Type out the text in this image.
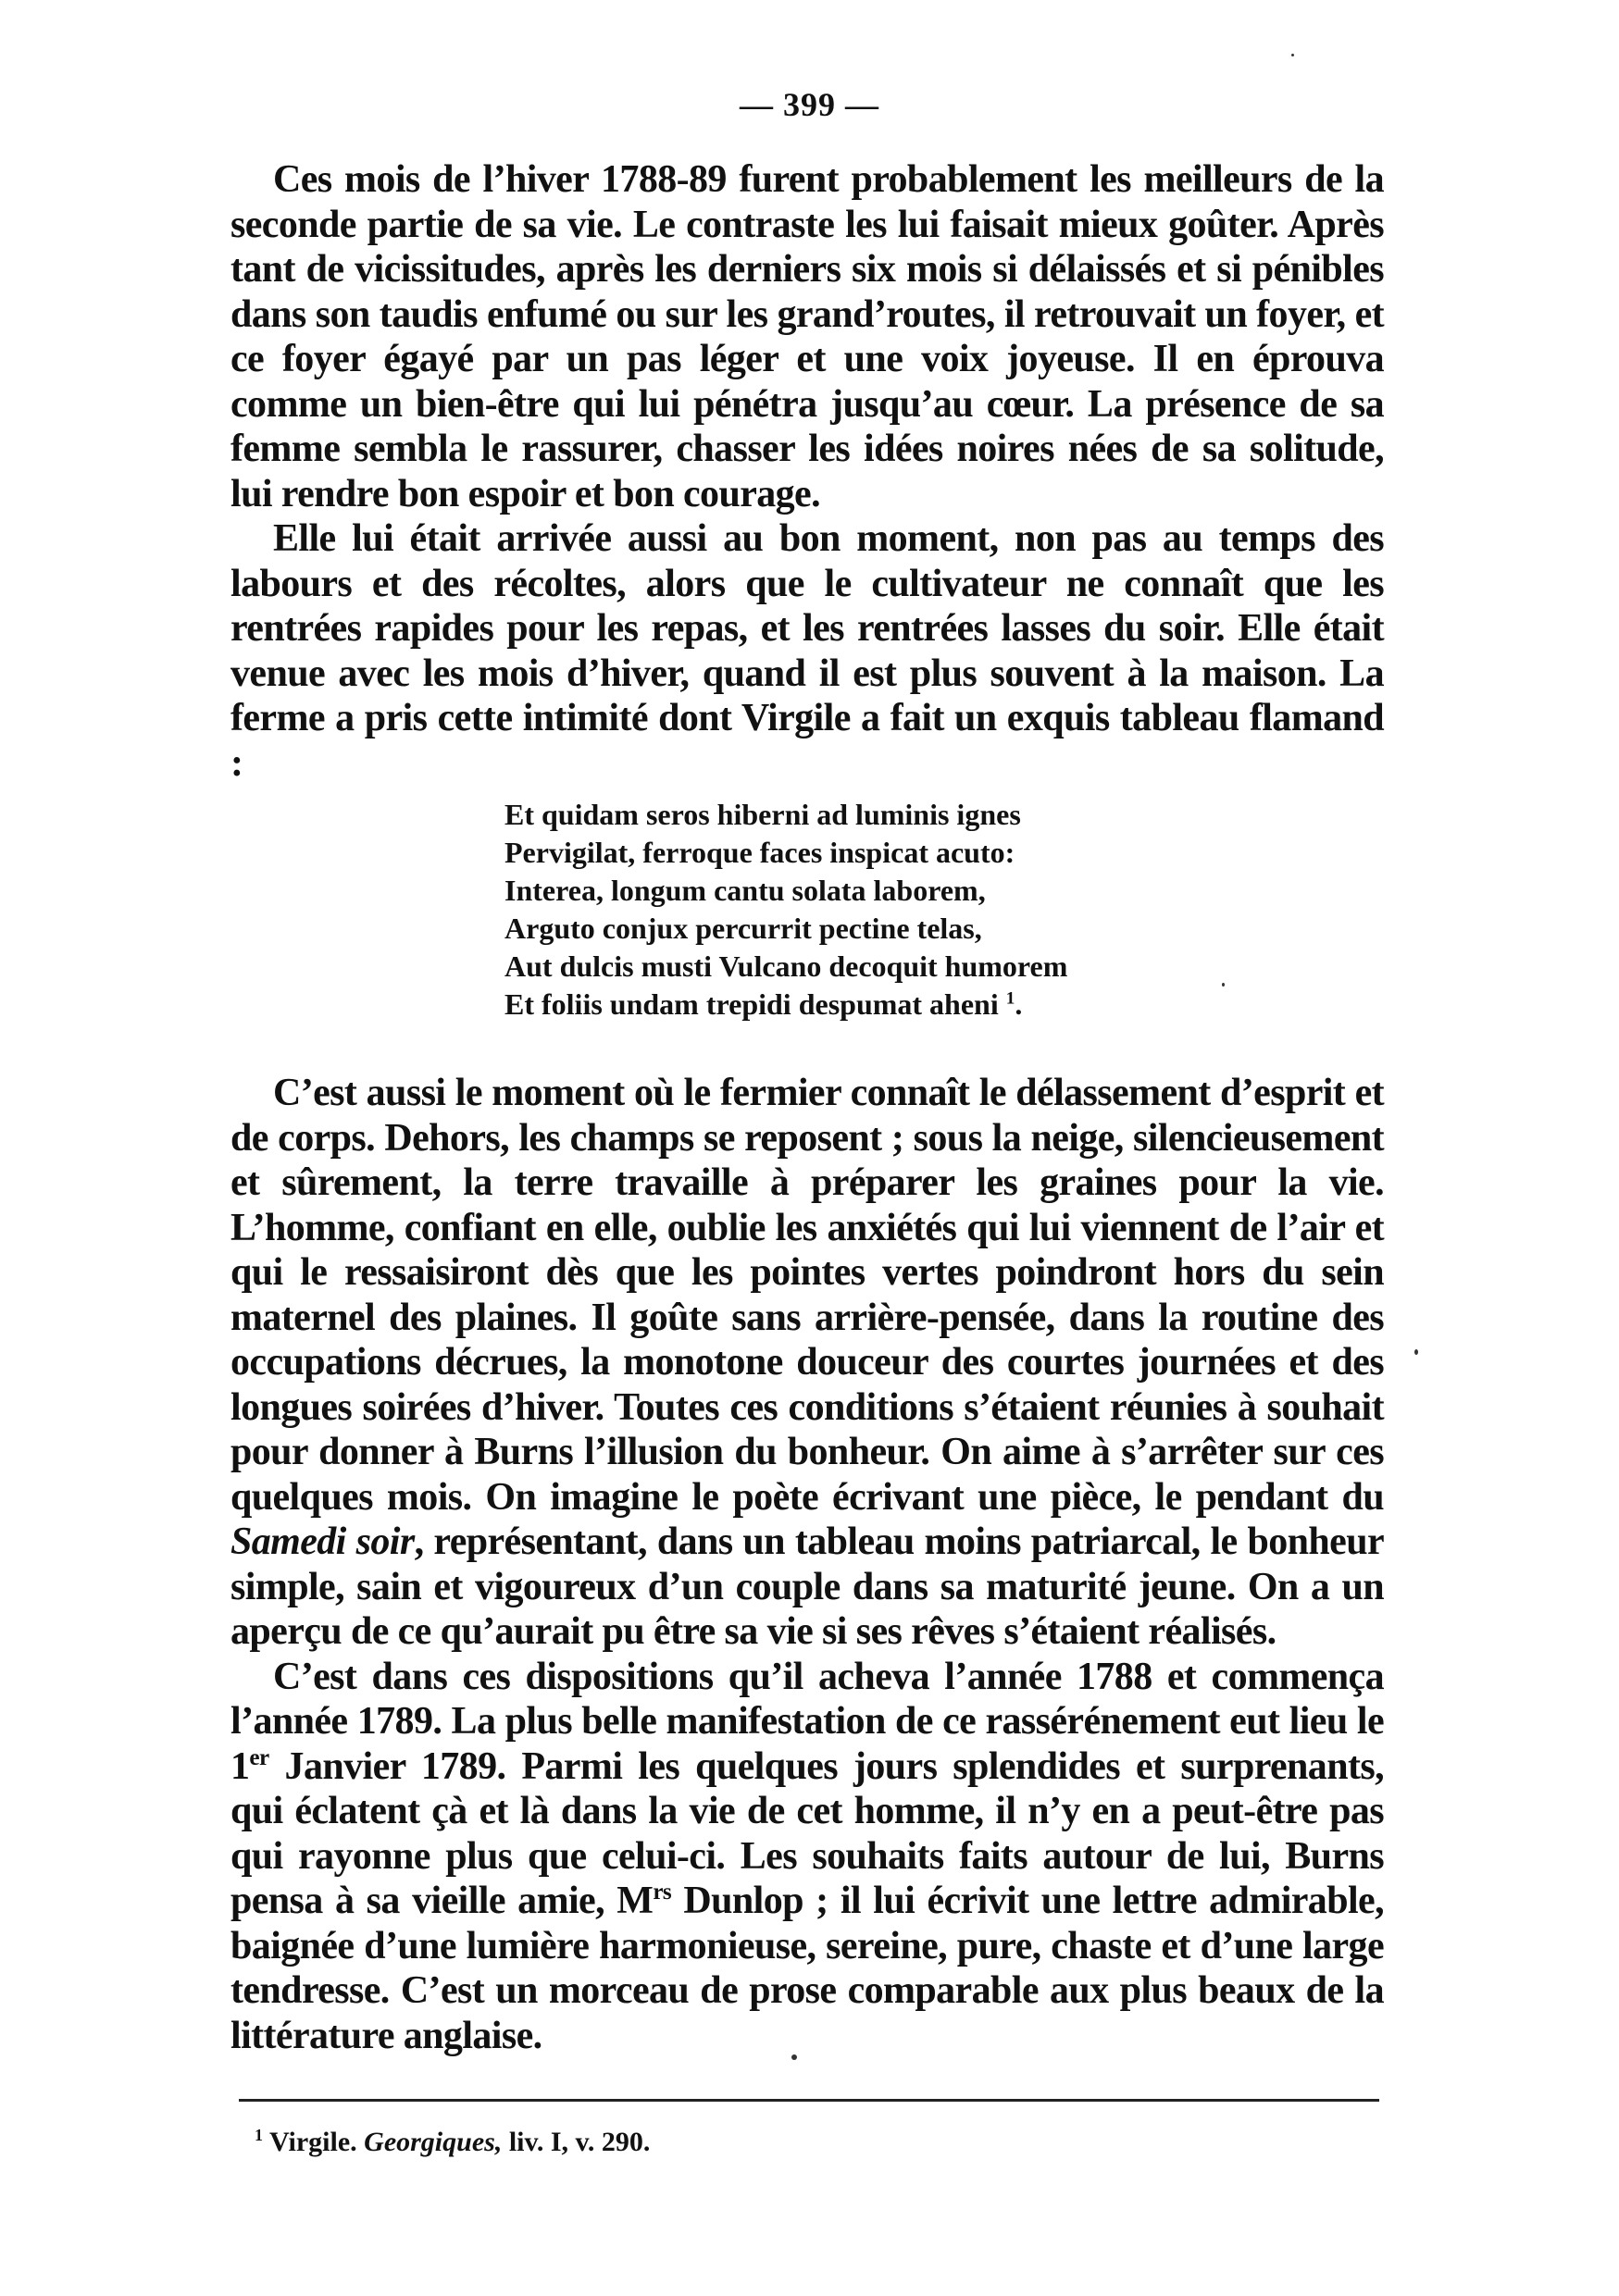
— 399 —

Ces mois de l’hiver 1788-89 furent probablement les meilleurs de la seconde partie de sa vie. Le contraste les lui faisait mieux goûter. Après tant de vicissitudes, après les derniers six mois si délaissés et si pénibles dans son taudis enfumé ou sur les grand’routes, il retrouvait un foyer, et ce foyer égayé par un pas léger et une voix joyeuse. Il en éprouva comme un bien-être qui lui pénétra jusqu’au cœur. La présence de sa femme sembla le rassurer, chasser les idées noires nées de sa solitude, lui rendre bon espoir et bon courage.

Elle lui était arrivée aussi au bon moment, non pas au temps des labours et des récoltes, alors que le cultivateur ne connaît que les rentrées rapides pour les repas, et les rentrées lasses du soir. Elle était venue avec les mois d’hiver, quand il est plus souvent à la maison. La ferme a pris cette intimité dont Virgile a fait un exquis tableau flamand :

Et quidam seros hiberni ad luminis ignes
Pervigilat, ferroque faces inspicat acuto:
Interea, longum cantu solata laborem,
Arguto conjux percurrit pectine telas,
Aut dulcis musti Vulcano decoquit humorem
Et foliis undam trepidi despumat aheni $^1$.

C’est aussi le moment où le fermier connaît le délassement d’esprit et de corps. Dehors, les champs se reposent ; sous la neige, silencieusement et sûrement, la terre travaille à préparer les graines pour la vie. L’homme, confiant en elle, oublie les anxiétés qui lui viennent de l’air et qui le ressaisiront dès que les pointes vertes poindront hors du sein maternel des plaines. Il goûte sans arrière-pensée, dans la routine des occupations décrues, la monotone douceur des courtes journées et des longues soirées d’hiver. Toutes ces conditions s’étaient réunies à souhait pour donner à Burns l’illusion du bonheur. On aime à s’arrêter sur ces quelques mois. On imagine le poète écrivant une pièce, le pendant du Samedi soir, représentant, dans un tableau moins patriarcal, le bonheur simple, sain et vigoureux d’un couple dans sa maturité jeune. On a un aperçu de ce qu’aurait pu être sa vie si ses rêves s’étaient réalisés.

C’est dans ces dispositions qu’il acheva l’année 1788 et commença l’année 1789. La plus belle manifestation de ce rassérénement eut lieu le 1er Janvier 1789. Parmi les quelques jours splendides et surprenants, qui éclatent çà et là dans la vie de cet homme, il n’y en a peut-être pas qui rayonne plus que celui-ci. Les souhaits faits autour de lui, Burns pensa à sa vieille amie, $M^{rs}$ Dunlop ; il lui écrivit une lettre admirable, baignée d’une lumière harmonieuse, sereine, pure, chaste et d’une large tendresse. C’est un morceau de prose comparable aux plus beaux de la littérature anglaise.

$^1$ Virgile. Georgiques, liv. I, v. 290.
